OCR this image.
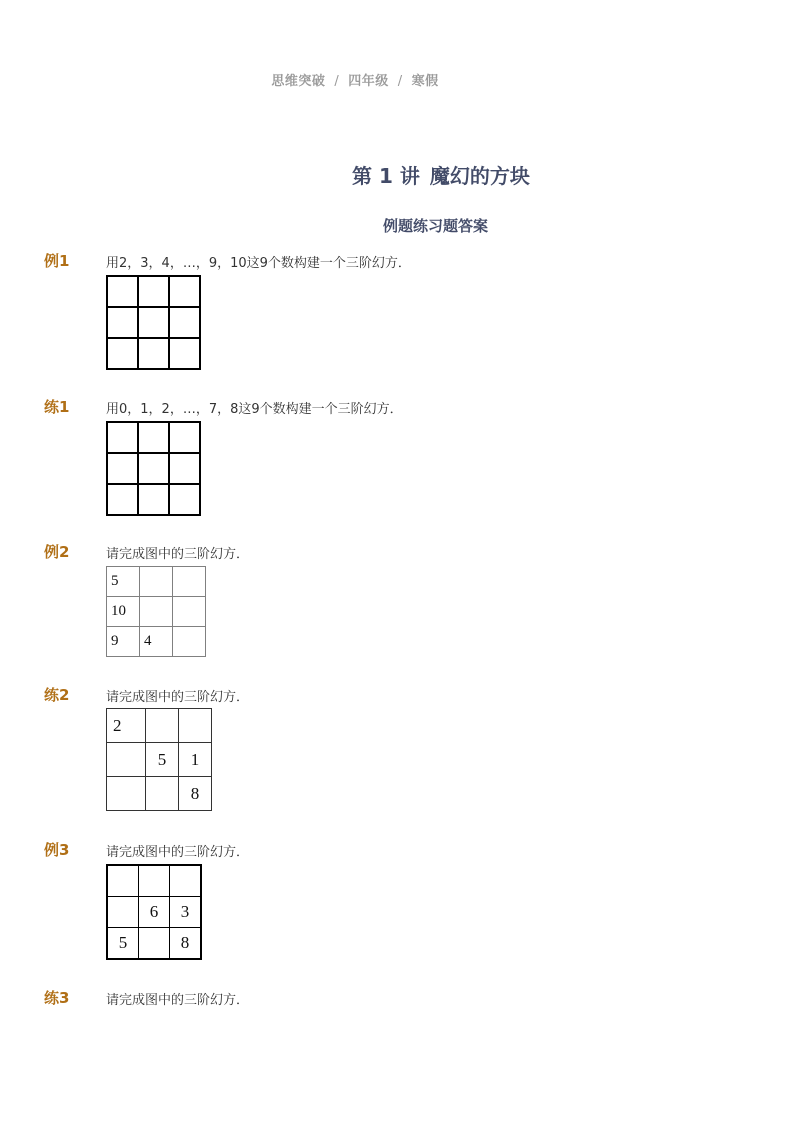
思维突破 / 四年级 / 寒假
第 1 讲 魔幻的方块
例题练习题答案
例1	用2，3，4，…，9，10这9个数构建一个三阶幻方．

练1	用0，1，2，…，7，8这9个数构建一个三阶幻方．

例2	请完成图中的三阶幻方．
5		
10		
9	4	
练2	请完成图中的三阶幻方．
2		
	5	1
		8
例3	请完成图中的三阶幻方．

	6	3
5		8
练3	请完成图中的三阶幻方．
